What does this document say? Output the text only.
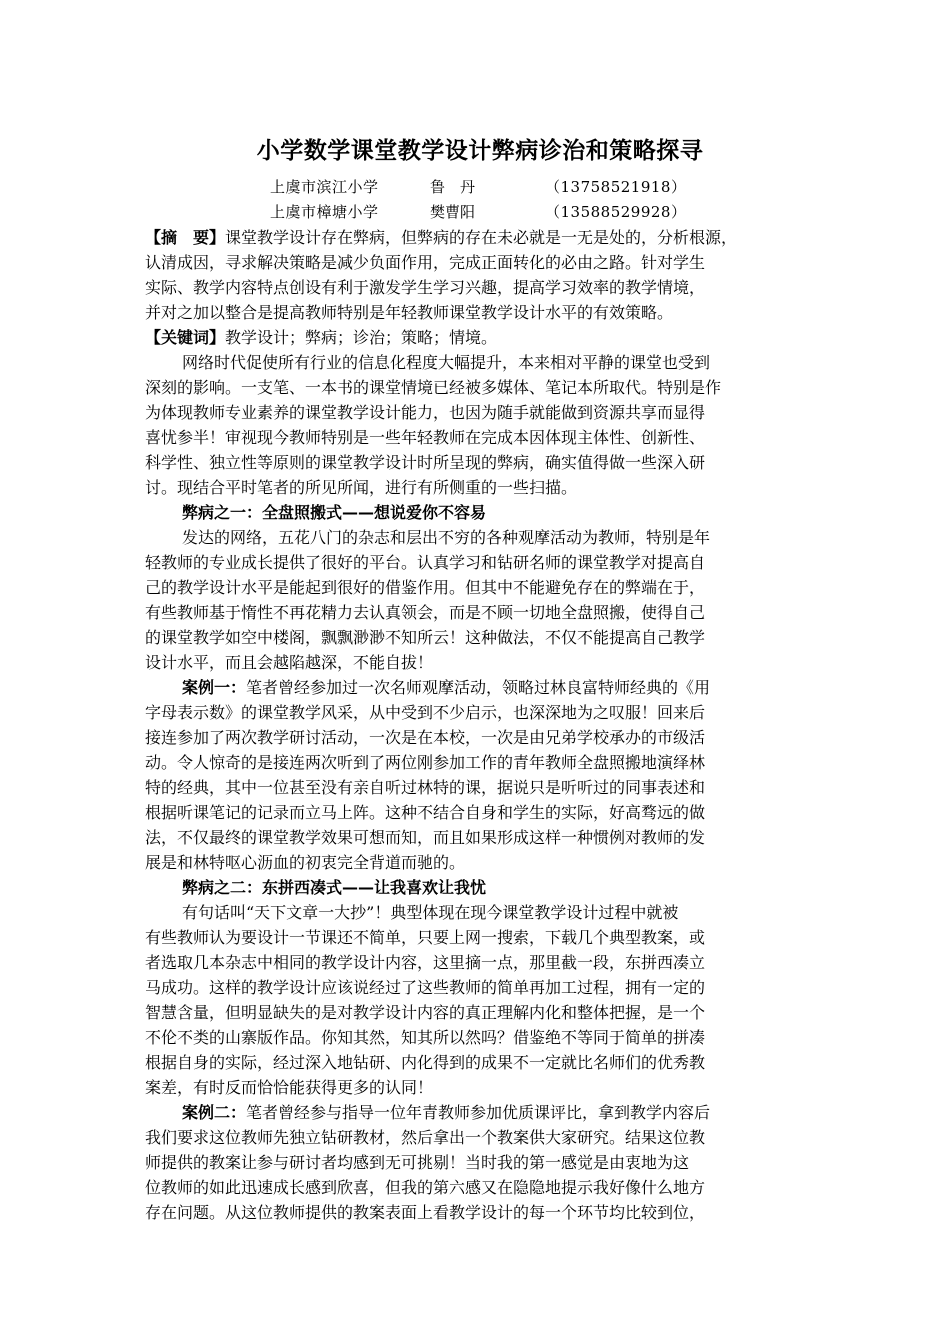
小学数学课堂教学设计弊病诊治和策略探寻
上虞市滨江小学	鲁　丹	（13758521918）
上虞市樟塘小学	樊曹阳	（13588529928）
【摘　要】课堂教学设计存在弊病，但弊病的存在未必就是一无是处的，分析根源，
认清成因，寻求解决策略是减少负面作用，完成正面转化的必由之路。针对学生
实际、教学内容特点创设有利于激发学生学习兴趣，提高学习效率的教学情境，
并对之加以整合是提高教师特别是年轻教师课堂教学设计水平的有效策略。
【关键词】教学设计；弊病；诊治；策略；情境。
网络时代促使所有行业的信息化程度大幅提升，本来相对平静的课堂也受到
深刻的影响。一支笔、一本书的课堂情境已经被多媒体、笔记本所取代。特别是作
为体现教师专业素养的课堂教学设计能力，也因为随手就能做到资源共享而显得
喜忧参半！审视现今教师特别是一些年轻教师在完成本因体现主体性、创新性、
科学性、独立性等原则的课堂教学设计时所呈现的弊病，确实值得做一些深入研
讨。现结合平时笔者的所见所闻，进行有所侧重的一些扫描。
弊病之一：全盘照搬式——想说爱你不容易
发达的网络，五花八门的杂志和层出不穷的各种观摩活动为教师，特别是年
轻教师的专业成长提供了很好的平台。认真学习和钻研名师的课堂教学对提高自
己的教学设计水平是能起到很好的借鉴作用。但其中不能避免存在的弊端在于，
有些教师基于惰性不再花精力去认真领会，而是不顾一切地全盘照搬，使得自己
的课堂教学如空中楼阁，飘飘渺渺不知所云！这种做法，不仅不能提高自己教学
设计水平，而且会越陷越深，不能自拔！
案例一：笔者曾经参加过一次名师观摩活动，领略过林良富特师经典的《用
字母表示数》的课堂教学风采，从中受到不少启示，也深深地为之叹服！回来后
接连参加了两次教学研讨活动，一次是在本校，一次是由兄弟学校承办的市级活
动。令人惊奇的是接连两次听到了两位刚参加工作的青年教师全盘照搬地演绎林
特的经典，其中一位甚至没有亲自听过林特的课，据说只是听听过的同事表述和
根据听课笔记的记录而立马上阵。这种不结合自身和学生的实际，好高骛远的做
法，不仅最终的课堂教学效果可想而知，而且如果形成这样一种惯例对教师的发
展是和林特呕心沥血的初衷完全背道而驰的。
弊病之二：东拼西凑式——让我喜欢让我忧
有句话叫“天下文章一大抄”！典型体现在现今课堂教学设计过程中就被
有些教师认为要设计一节课还不简单，只要上网一搜索，下载几个典型教案，或
者选取几本杂志中相同的教学设计内容，这里摘一点，那里截一段，东拼西凑立
马成功。这样的教学设计应该说经过了这些教师的简单再加工过程，拥有一定的
智慧含量，但明显缺失的是对教学设计内容的真正理解内化和整体把握，是一个
不伦不类的山寨版作品。你知其然，知其所以然吗？借鉴绝不等同于简单的拼凑
根据自身的实际，经过深入地钻研、内化得到的成果不一定就比名师们的优秀教
案差，有时反而恰恰能获得更多的认同！
案例二：笔者曾经参与指导一位年青教师参加优质课评比，拿到教学内容后
我们要求这位教师先独立钻研教材，然后拿出一个教案供大家研究。结果这位教
师提供的教案让参与研讨者均感到无可挑剔！当时我的第一感觉是由衷地为这
位教师的如此迅速成长感到欣喜，但我的第六感又在隐隐地提示我好像什么地方
存在问题。从这位教师提供的教案表面上看教学设计的每一个环节均比较到位，
